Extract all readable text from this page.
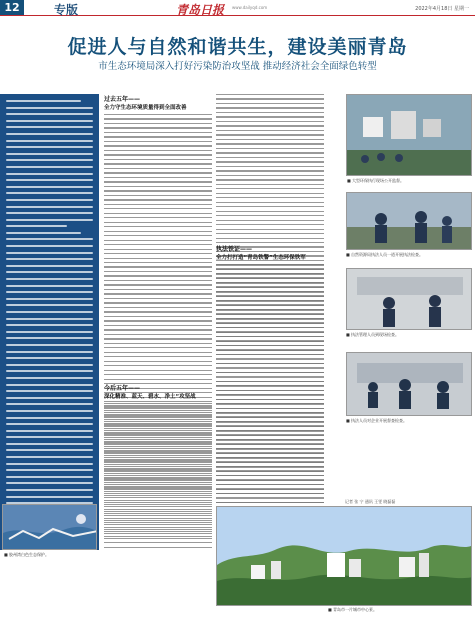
12	专版	青岛日报 www.dailyqd.com	2022年4月18日 星期一
促进人与自然和谐共生，建设美丽青岛
市生态环境局深入打好污染防治攻坚战 推动经济社会全面绿色转型
■ 胶州湾白色生态保护。
过去五年——
全力守生态环境质量得到全面改善
今后五年——
深化精准、蓝天、碧水、净土“攻坚战
执法铁证——
全力打打造“青岛铁警”生态环保铁军
■ 大型环保执行现场公开监督。
■ 自然资源局执法人员一道开展执法检查。
■ 执法管理人员到现场检查。
■ 执法人员对企业开展督查检查。
记者 张 宁 通讯 王雯 晓磊磊
■ 青岛市一片城市中心景。
